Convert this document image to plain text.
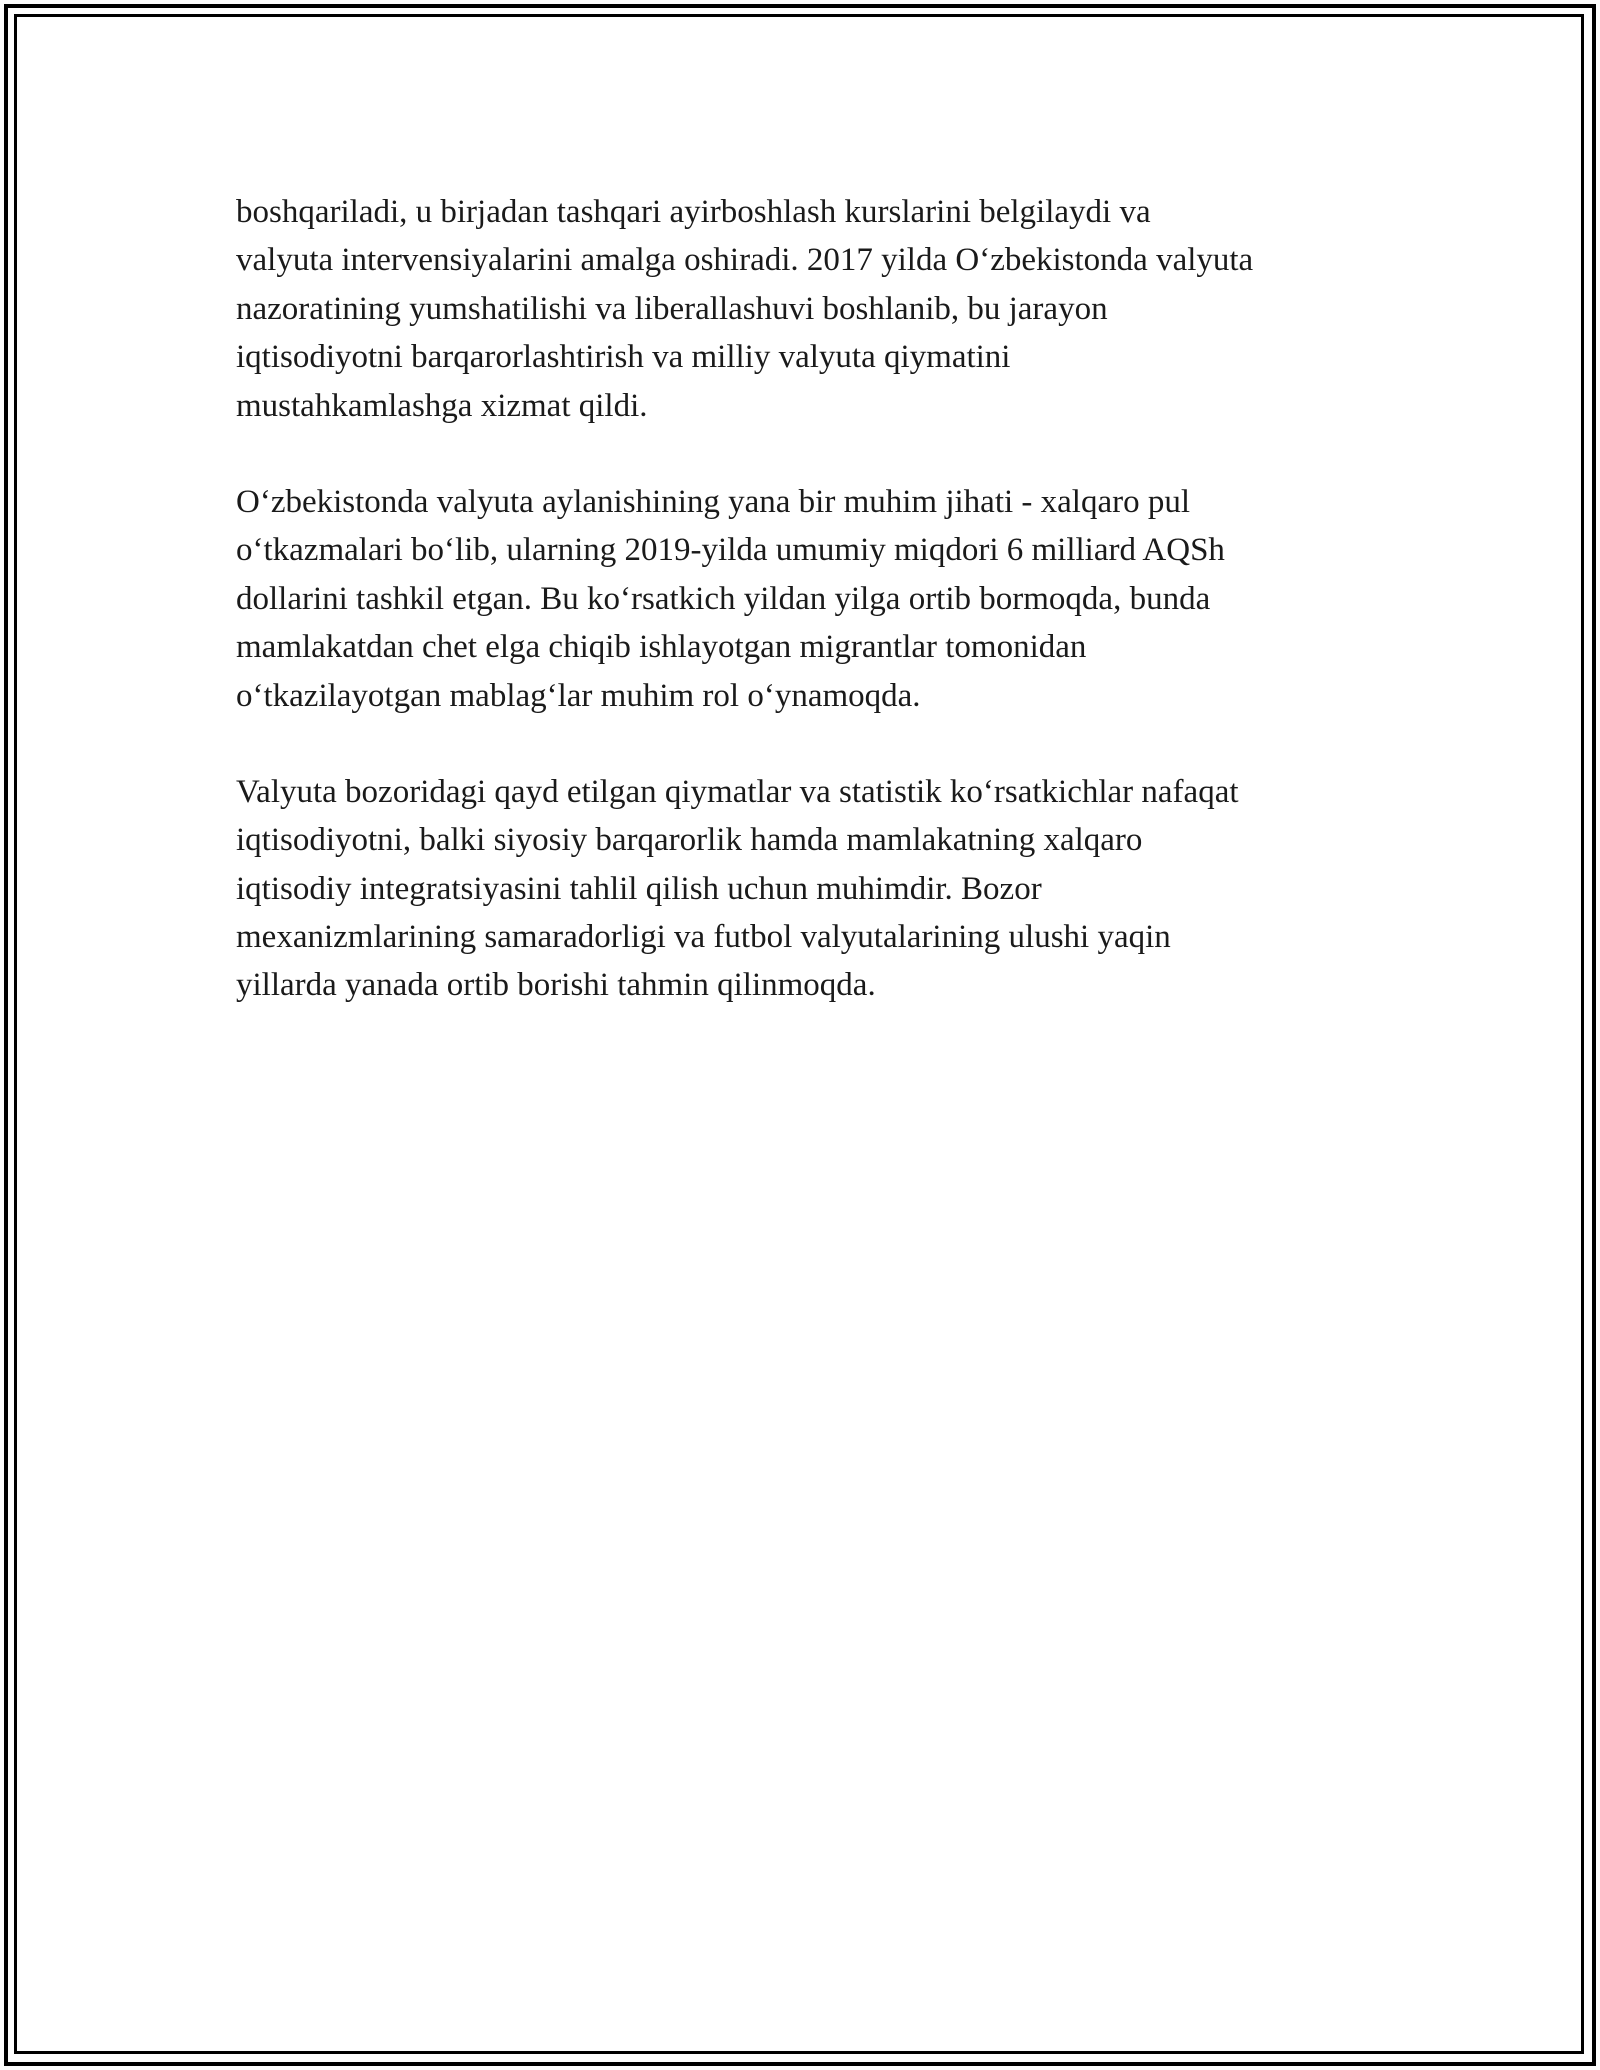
boshqariladi, u birjadan tashqari ayirboshlash kurslarini belgilaydi va
valyuta intervensiyalarini amalga oshiradi. 2017 yilda O‘zbekistonda valyuta
nazoratining yumshatilishi va liberallashuvi boshlanib, bu jarayon
iqtisodiyotni barqarorlashtirish va milliy valyuta qiymatini
mustahkamlashga xizmat qildi.

O‘zbekistonda valyuta aylanishining yana bir muhim jihati - xalqaro pul
o‘tkazmalari bo‘lib, ularning 2019-yilda umumiy miqdori 6 milliard AQSh
dollarini tashkil etgan. Bu ko‘rsatkich yildan yilga ortib bormoqda, bunda
mamlakatdan chet elga chiqib ishlayotgan migrantlar tomonidan
o‘tkazilayotgan mablag‘lar muhim rol o‘ynamoqda.

Valyuta bozoridagi qayd etilgan qiymatlar va statistik ko‘rsatkichlar nafaqat
iqtisodiyotni, balki siyosiy barqarorlik hamda mamlakatning xalqaro
iqtisodiy integratsiyasini tahlil qilish uchun muhimdir. Bozor
mexanizmlarining samaradorligi va futbol valyutalarining ulushi yaqin
yillarda yanada ortib borishi tahmin qilinmoqda.
